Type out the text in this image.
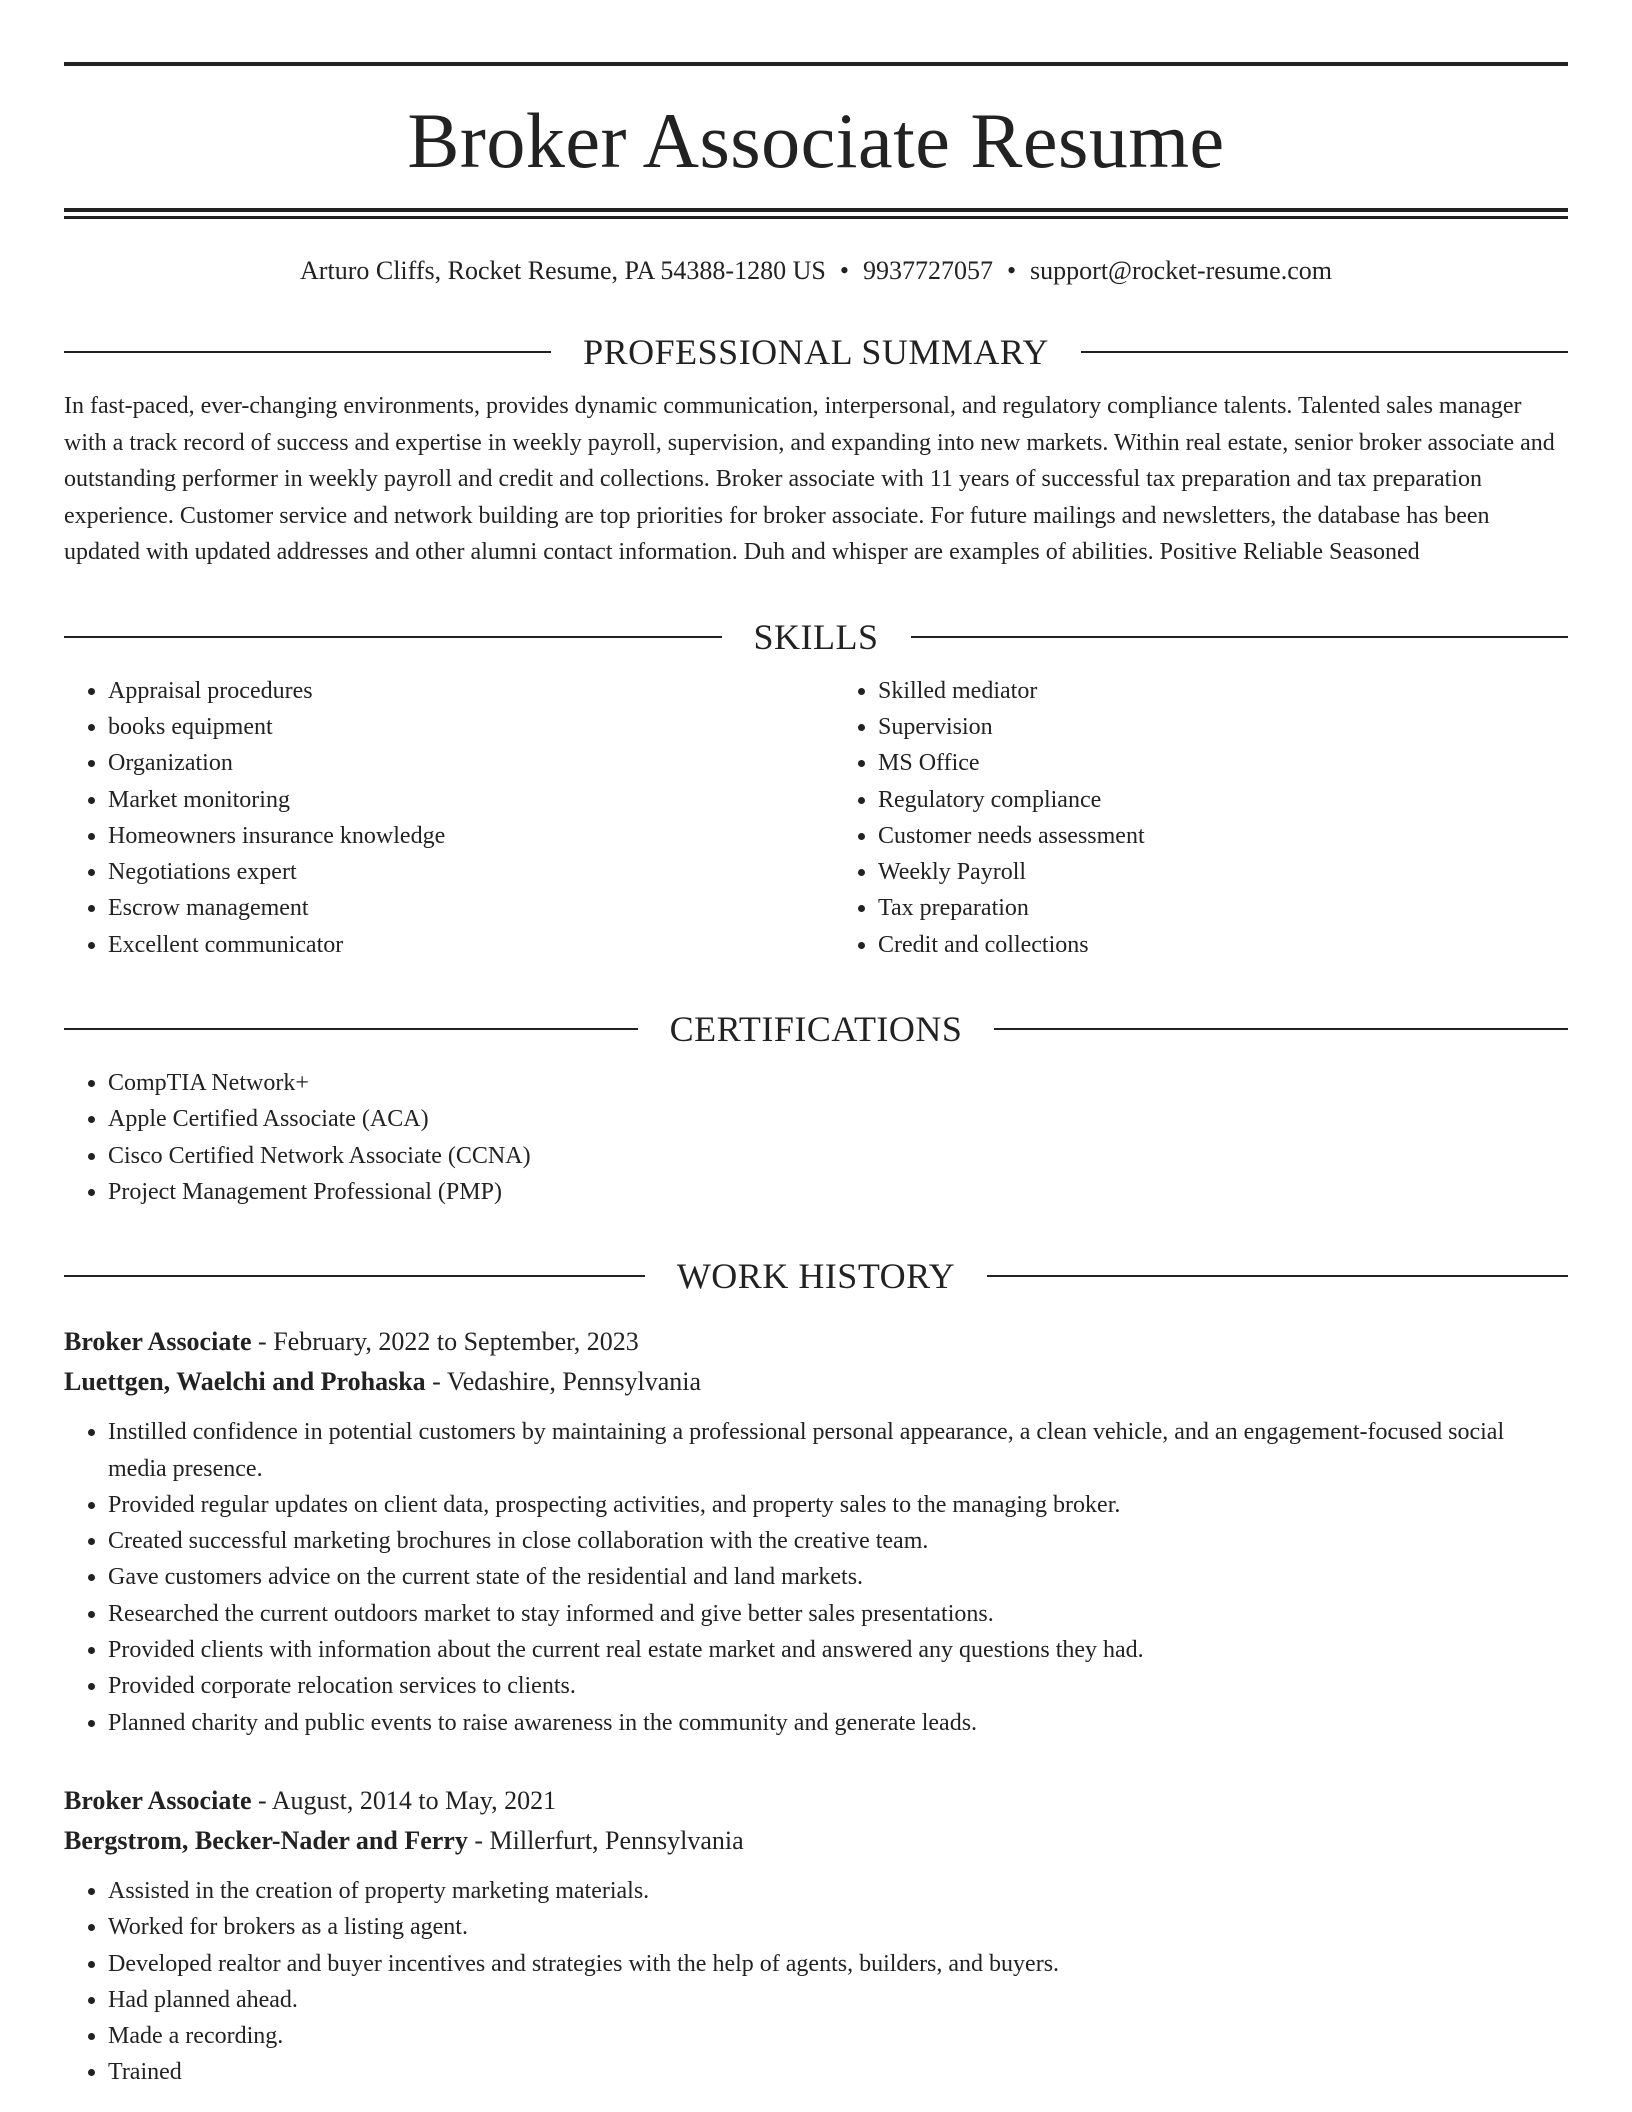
Broker Associate Resume
Arturo Cliffs, Rocket Resume, PA 54388-1280 US • 9937727057 • support@rocket-resume.com
PROFESSIONAL SUMMARY

In fast-paced, ever-changing environments, provides dynamic communication, interpersonal, and regulatory compliance talents. Talented sales manager with a track record of success and expertise in weekly payroll, supervision, and expanding into new markets. Within real estate, senior broker associate and outstanding performer in weekly payroll and credit and collections. Broker associate with 11 years of successful tax preparation and tax preparation experience. Customer service and network building are top priorities for broker associate. For future mailings and newsletters, the database has been updated with updated addresses and other alumni contact information. Duh and whisper are examples of abilities. Positive Reliable Seasoned

SKILLS
• Appraisal procedures
• books equipment
• Organization
• Market monitoring
• Homeowners insurance knowledge
• Negotiations expert
• Escrow management
• Excellent communicator
• Skilled mediator
• Supervision
• MS Office
• Regulatory compliance
• Customer needs assessment
• Weekly Payroll
• Tax preparation
• Credit and collections
CERTIFICATIONS
• CompTIA Network+
• Apple Certified Associate (ACA)
• Cisco Certified Network Associate (CCNA)
• Project Management Professional (PMP)
WORK HISTORY
Broker Associate - February, 2022 to September, 2023
Luettgen, Waelchi and Prohaska - Vedashire, Pennsylvania
• Instilled confidence in potential customers by maintaining a professional personal appearance, a clean vehicle, and an engagement-focused social media presence.
• Provided regular updates on client data, prospecting activities, and property sales to the managing broker.
• Created successful marketing brochures in close collaboration with the creative team.
• Gave customers advice on the current state of the residential and land markets.
• Researched the current outdoors market to stay informed and give better sales presentations.
• Provided clients with information about the current real estate market and answered any questions they had.
• Provided corporate relocation services to clients.
• Planned charity and public events to raise awareness in the community and generate leads.
Broker Associate - August, 2014 to May, 2021
Bergstrom, Becker-Nader and Ferry - Millerfurt, Pennsylvania
• Assisted in the creation of property marketing materials.
• Worked for brokers as a listing agent.
• Developed realtor and buyer incentives and strategies with the help of agents, builders, and buyers.
• Had planned ahead.
• Made a recording.
• Trained
